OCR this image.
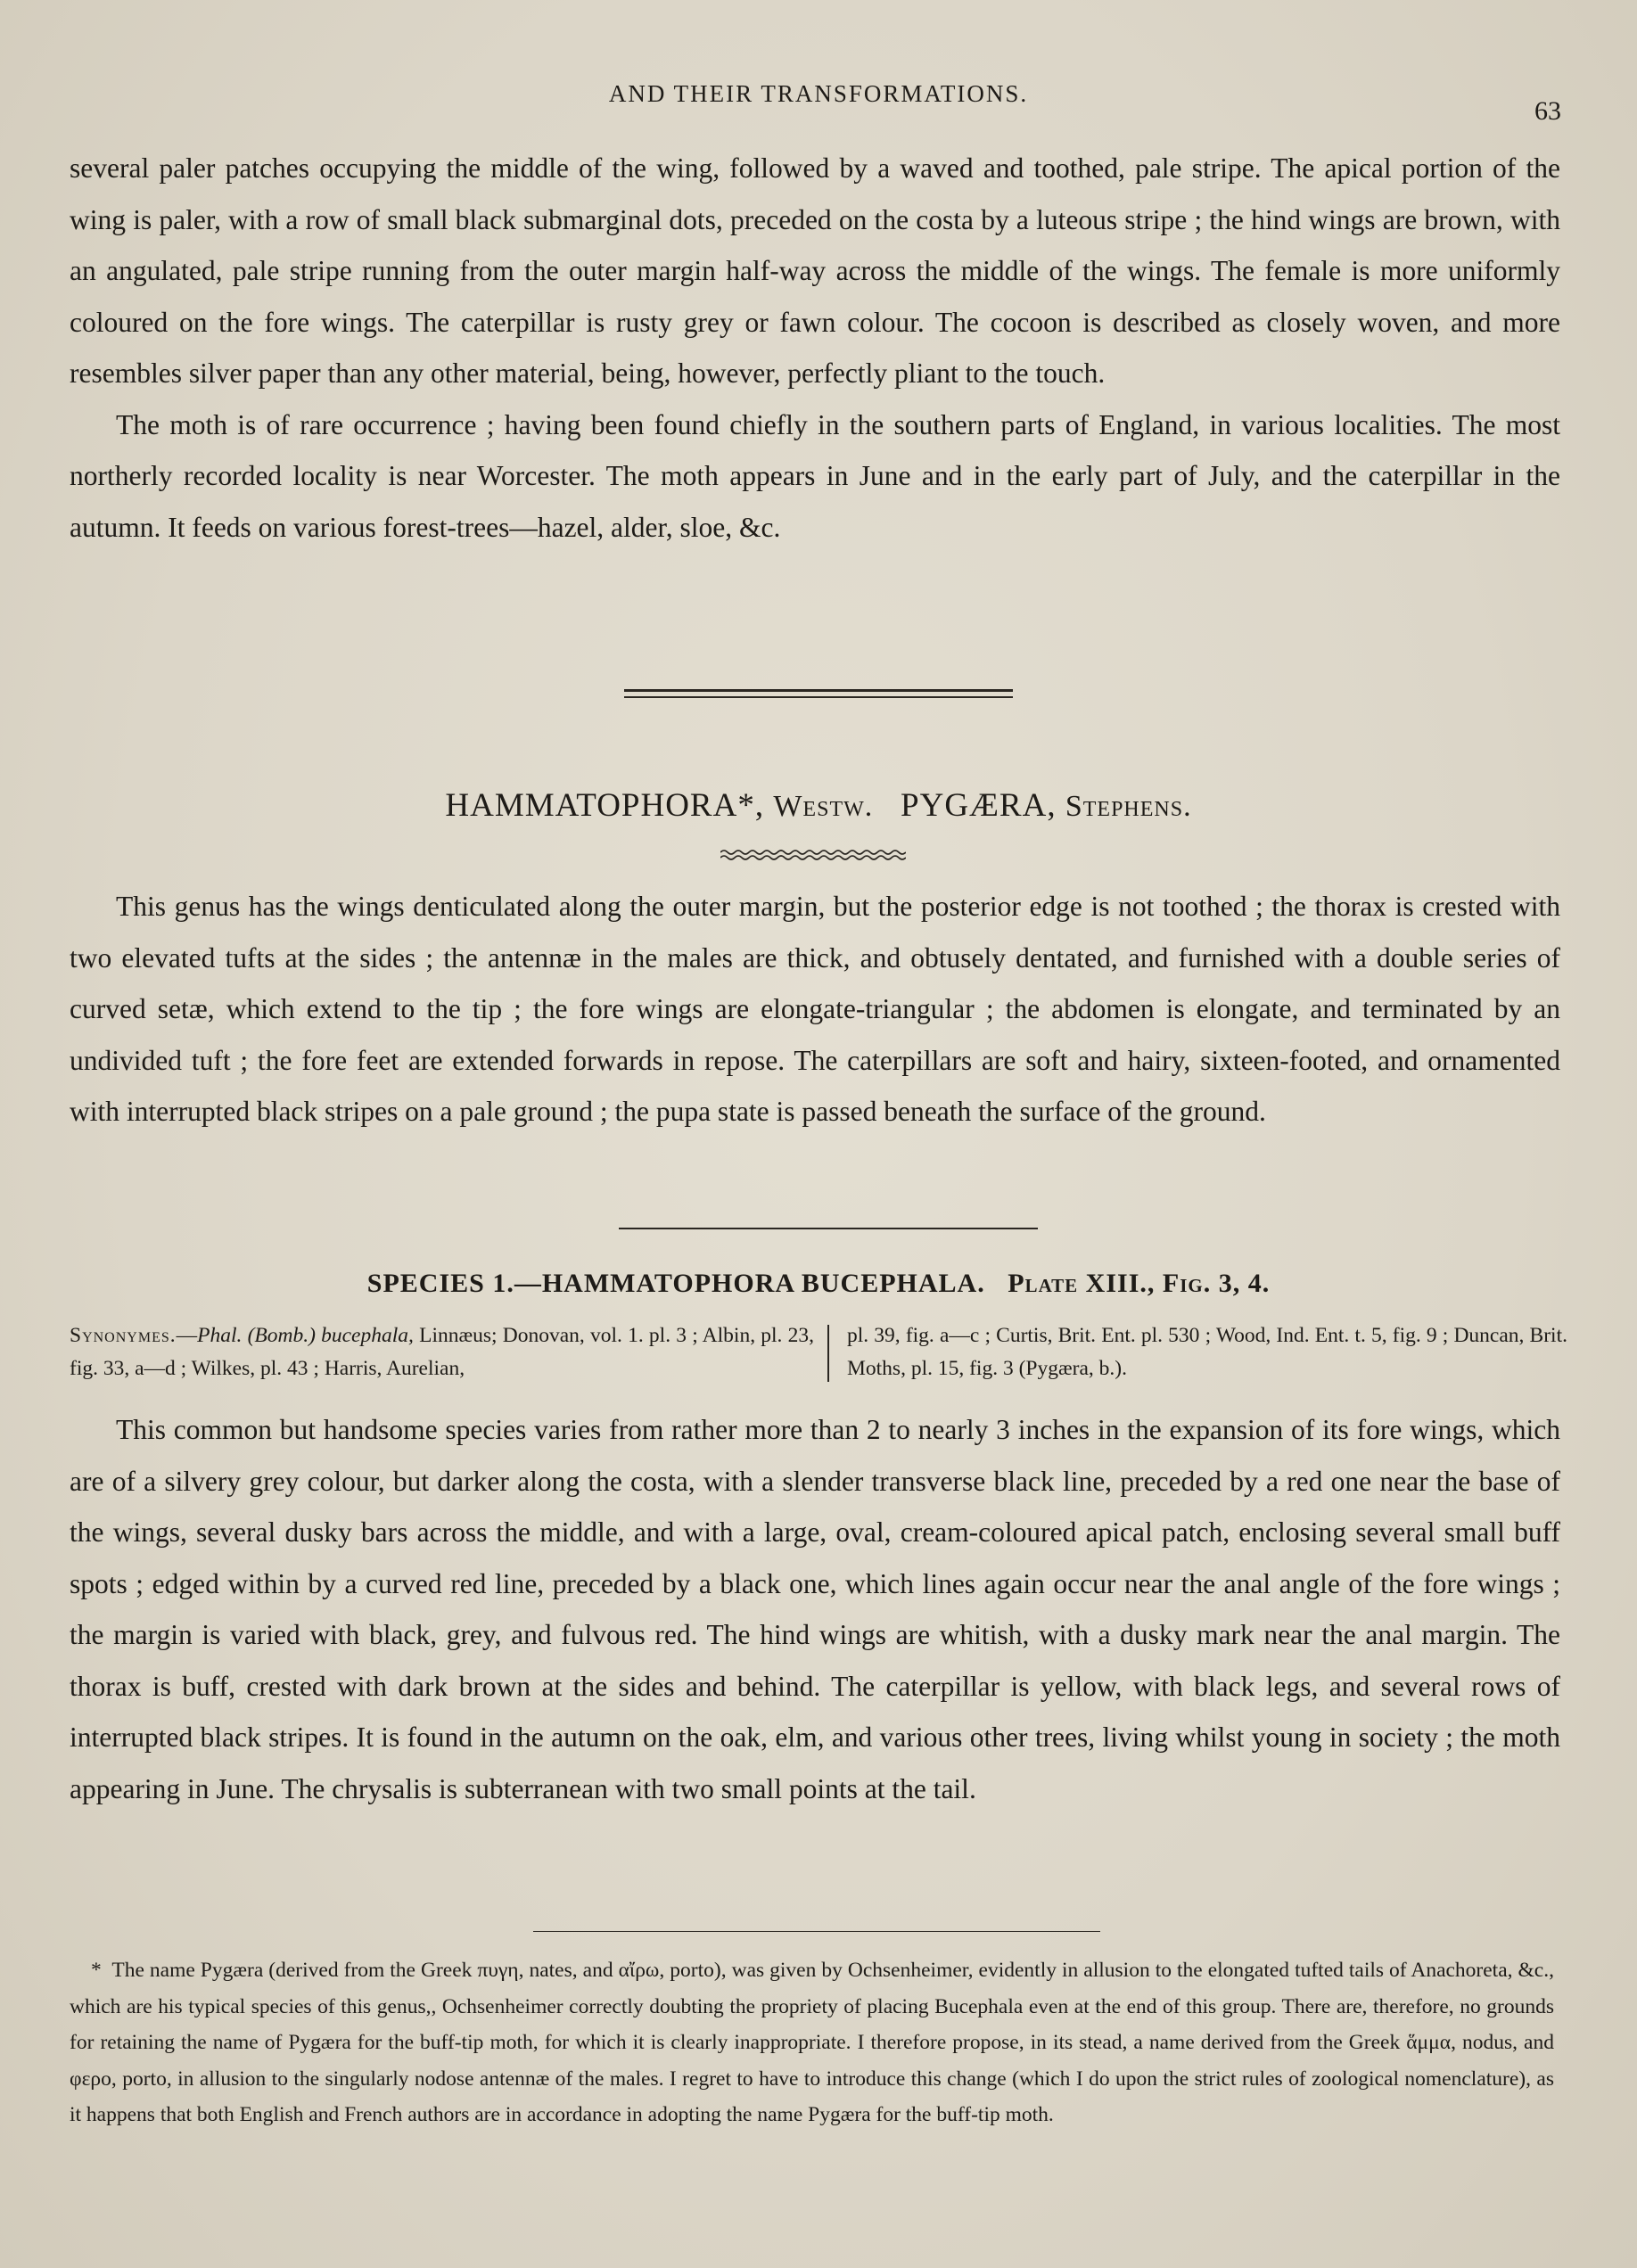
AND THEIR TRANSFORMATIONS.
63

several paler patches occupying the middle of the wing, followed by a waved and toothed, pale stripe. The apical portion of the wing is paler, with a row of small black submarginal dots, preceded on the costa by a luteous stripe ; the hind wings are brown, with an angulated, pale stripe running from the outer margin half-way across the middle of the wings. The female is more uniformly coloured on the fore wings. The caterpillar is rusty grey or fawn colour. The cocoon is described as closely woven, and more resembles silver paper than any other material, being, however, perfectly pliant to the touch.

The moth is of rare occurrence ; having been found chiefly in the southern parts of England, in various localities. The most northerly recorded locality is near Worcester. The moth appears in June and in the early part of July, and the caterpillar in the autumn. It feeds on various forest-trees—hazel, alder, sloe, &c.

HAMMATOPHORA*, Westw. PYGÆRA, Stephens.

This genus has the wings denticulated along the outer margin, but the posterior edge is not toothed ; the thorax is crested with two elevated tufts at the sides ; the antennæ in the males are thick, and obtusely dentated, and furnished with a double series of curved setæ, which extend to the tip ; the fore wings are elongate-triangular ; the abdomen is elongate, and terminated by an undivided tuft ; the fore feet are extended forwards in repose. The caterpillars are soft and hairy, sixteen-footed, and ornamented with interrupted black stripes on a pale ground ; the pupa state is passed beneath the surface of the ground.

SPECIES 1.—HAMMATOPHORA BUCEPHALA. Plate XIII., Fig. 3, 4.
Synonymes.—Phal. (Bomb.) bucephala, Linnæus; Donovan, vol. 1. pl. 3 ; Albin, pl. 23, fig. 33, a—d ; Wilkes, pl. 43 ; Harris, Aurelian,
pl. 39, fig. a—c ; Curtis, Brit. Ent. pl. 530 ; Wood, Ind. Ent. t. 5, fig. 9 ; Duncan, Brit. Moths, pl. 15, fig. 3 (Pygæra, b.).

This common but handsome species varies from rather more than 2 to nearly 3 inches in the expansion of its fore wings, which are of a silvery grey colour, but darker along the costa, with a slender transverse black line, preceded by a red one near the base of the wings, several dusky bars across the middle, and with a large, oval, cream-coloured apical patch, enclosing several small buff spots ; edged within by a curved red line, preceded by a black one, which lines again occur near the anal angle of the fore wings ; the margin is varied with black, grey, and fulvous red. The hind wings are whitish, with a dusky mark near the anal margin. The thorax is buff, crested with dark brown at the sides and behind. The caterpillar is yellow, with black legs, and several rows of interrupted black stripes. It is found in the autumn on the oak, elm, and various other trees, living whilst young in society ; the moth appearing in June. The chrysalis is subterranean with two small points at the tail.

* The name Pygæra (derived from the Greek πυγη, nates, and αἴρω, porto), was given by Ochsenheimer, evidently in allusion to the elongated tufted tails of Anachoreta, &c., which are his typical species of this genus,, Ochsenheimer correctly doubting the propriety of placing Bucephala even at the end of this group. There are, therefore, no grounds for retaining the name of Pygæra for the buff-tip moth, for which it is clearly inappropriate. I therefore propose, in its stead, a name derived from the Greek ἅμμα, nodus, and φερο, porto, in allusion to the singularly nodose antennæ of the males. I regret to have to introduce this change (which I do upon the strict rules of zoological nomenclature), as it happens that both English and French authors are in accordance in adopting the name Pygæra for the buff-tip moth.
